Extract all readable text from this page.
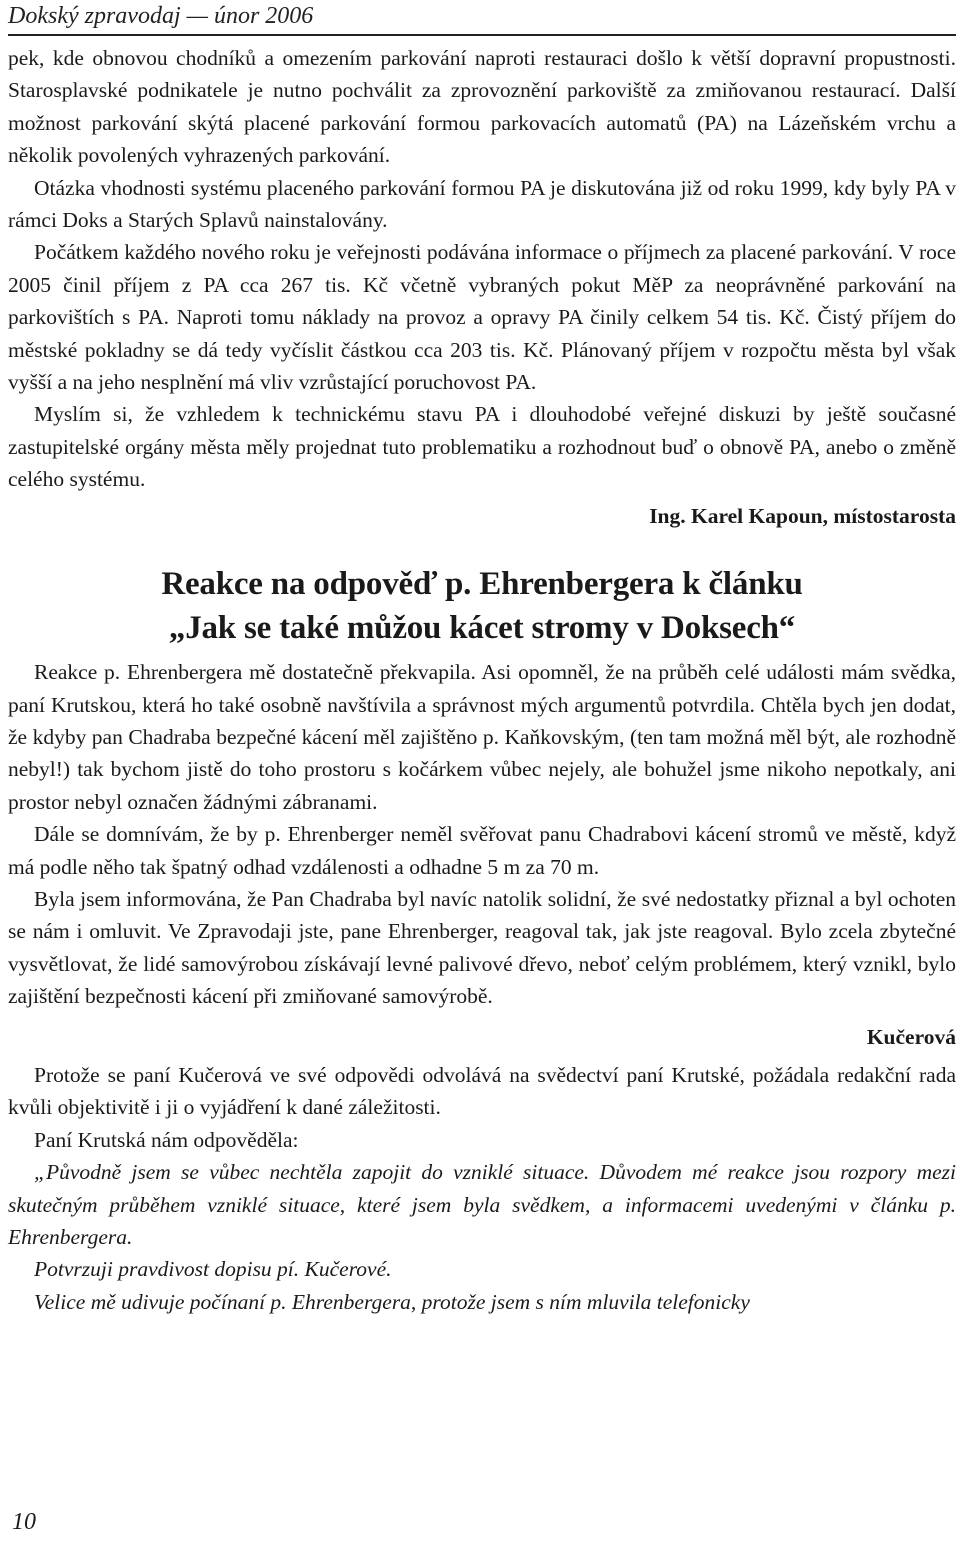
Dokský zpravodaj — únor 2006

pek, kde obnovou chodníků a omezením parkování naproti restauraci došlo k větší dopravní propustnosti. Starosplavské podnikatele je nutno pochválit za zprovoznění parkoviště za zmiňovanou restaurací. Další možnost parkování skýtá placené parkování formou parkovacích automatů (PA) na Lázeňském vrchu a několik povolených vyhrazených parkování.

Otázka vhodnosti systému placeného parkování formou PA je diskutována již od roku 1999, kdy byly PA v rámci Doks a Starých Splavů nainstalovány.

Počátkem každého nového roku je veřejnosti podávána informace o příjmech za placené parkování. V roce 2005 činil příjem z PA cca 267 tis. Kč včetně vybraných pokut MěP za neoprávněné parkování na parkovištích s PA. Naproti tomu náklady na provoz a opravy PA činily celkem 54 tis. Kč. Čistý příjem do městské pokladny se dá tedy vyčíslit částkou cca 203 tis. Kč. Plánovaný příjem v rozpočtu města byl však vyšší a na jeho nesplnění má vliv vzrůstající poruchovost PA.

Myslím si, že vzhledem k technickému stavu PA i dlouhodobé veřejné diskuzi by ještě současné zastupitelské orgány města měly projednat tuto problematiku a rozhodnout buď o obnově PA, anebo o změně celého systému.

Ing. Karel Kapoun, místostarosta
Reakce na odpověď p. Ehrenbergera k článku
„Jak se také můžou kácet stromy v Doksech“

Reakce p. Ehrenbergera mě dostatečně překvapila. Asi opomněl, že na průběh celé události mám svědka, paní Krutskou, která ho také osobně navštívila a správnost mých argumentů potvrdila. Chtěla bych jen dodat, že kdyby pan Chadraba bezpečné kácení měl zajištěno p. Kaňkovským, (ten tam možná měl být, ale rozhodně nebyl!) tak bychom jistě do toho prostoru s kočárkem vůbec nejely, ale bohužel jsme nikoho nepotkaly, ani prostor nebyl označen žádnými zábranami.

Dále se domnívám, že by p. Ehrenberger neměl svěřovat panu Chadrabovi kácení stromů ve městě, když má podle něho tak špatný odhad vzdálenosti a odhadne 5 m za 70 m.

Byla jsem informována, že Pan Chadraba byl navíc natolik solidní, že své nedostatky přiznal a byl ochoten se nám i omluvit. Ve Zpravodaji jste, pane Ehrenberger, reagoval tak, jak jste reagoval. Bylo zcela zbytečné vysvětlovat, že lidé samovýrobou získávají levné palivové dřevo, neboť celým problémem, který vznikl, bylo zajištění bezpečnosti kácení při zmiňované samovýrobě.

Kučerová

Protože se paní Kučerová ve své odpovědi odvolává na svědectví paní Krutské, požádala redakční rada kvůli objektivitě i ji o vyjádření k dané záležitosti.

Paní Krutská nám odpověděla:

„Původně jsem se vůbec nechtěla zapojit do vzniklé situace. Důvodem mé reakce jsou rozpory mezi skutečným průběhem vzniklé situace, které jsem byla svědkem, a informacemi uvedenými v článku p. Ehrenbergera.

Potvrzuji pravdivost dopisu pí. Kučerové.

Velice mě udivuje počínaní p. Ehrenbergera, protože jsem s ním mluvila telefonicky

10
